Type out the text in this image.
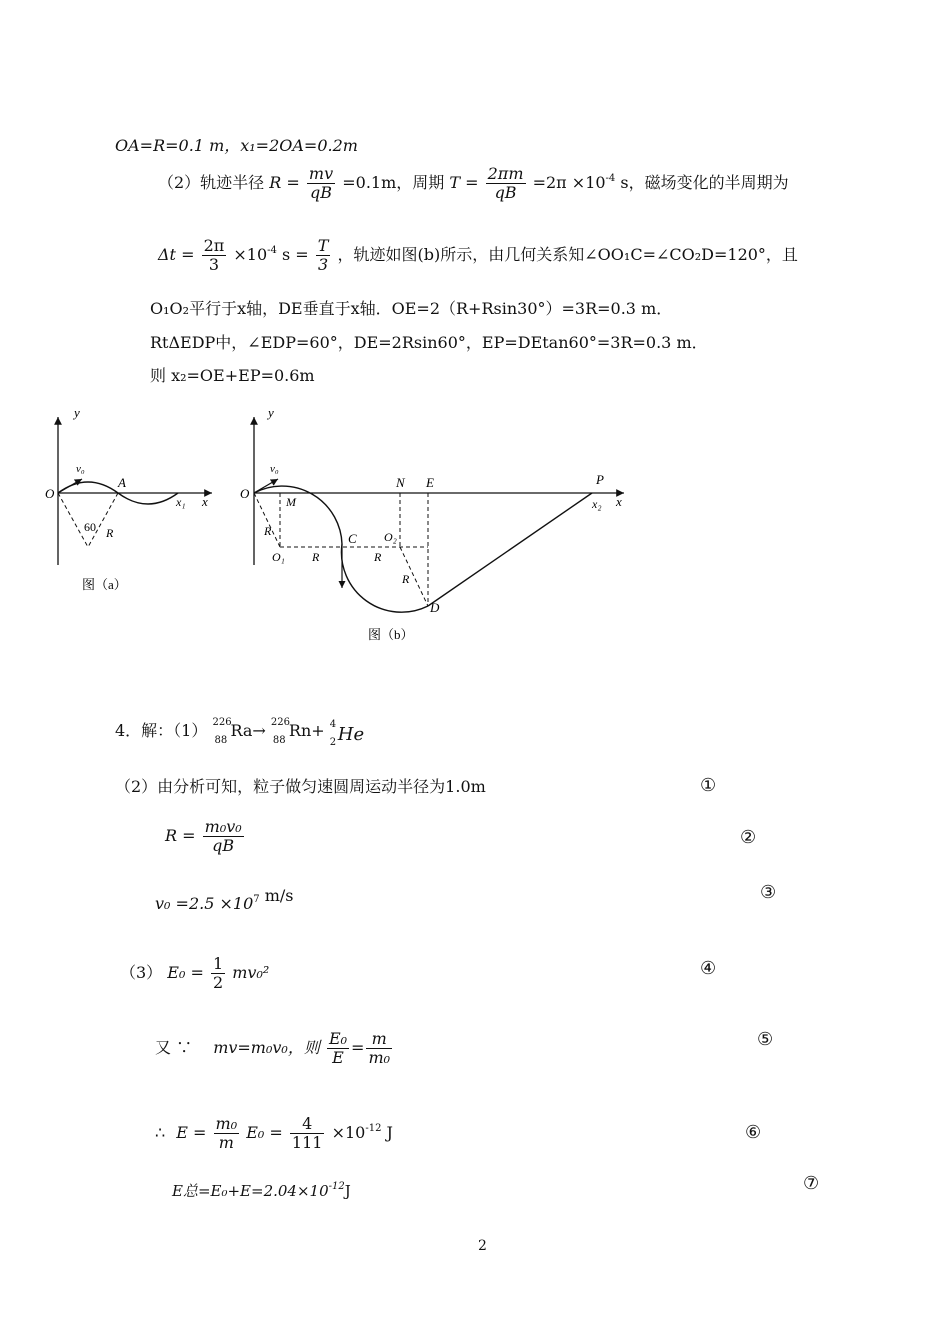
OA=R=0.1 m，x₁=2OA=0.2m
（2）轨迹半径 $R = \frac{mv}{qB} =0.1m$，周期 $T = \frac{2\pi m}{qB} =2\pi \times 10^{-4}$ s，磁场变化的半周期为
$\Delta t = \frac{2\pi}{3} \times 10^{-4}$ $s = \frac{T}{3}$ ，轨迹如图(b)所示，由几何关系知∠OO₁C=∠CO₂D=120°，且
O₁O₂平行于x轴，DE垂直于x轴．OE=2（R+Rsin30°）=3R=0.3 m．
RtΔEDP中，∠EDP=60°，DE=2Rsin60°，EP=DEtan60°=3R=0.3 m．
则 x₂=OE+EP=0.6m
y
x
O
v₀
A
x₁
60 R
图（a）
y
x
O
v₀
M
N E	P
x₂
O₁
O₂
C
D
R
R	R
R
图（b）
4．解：（1） 226
88
Ra→ 226
88
Rn+ 4
2 He
（2）由分析可知，粒子做匀速圆周运动半径为1.0m	①
$R = \frac{\text{m₀v₀}}{qB}$	②
$v_0 =2.5 \times 10^7$ m/s	③
（3） $E_0 = \frac{1}{2} mv_0^2$	④
又 ∵ mv=m₀v₀，则 $\frac{\text{E₀}}{E} = \frac{m}{\text{m₀}}$	⑤
∴ $E = \frac{\text{m₀}}{m} E_0 = \frac{4}{111} \times 10^{-12}$ J	⑥
E总$=E_0+E=2.04\times 10^{-12}J$	⑦
2
